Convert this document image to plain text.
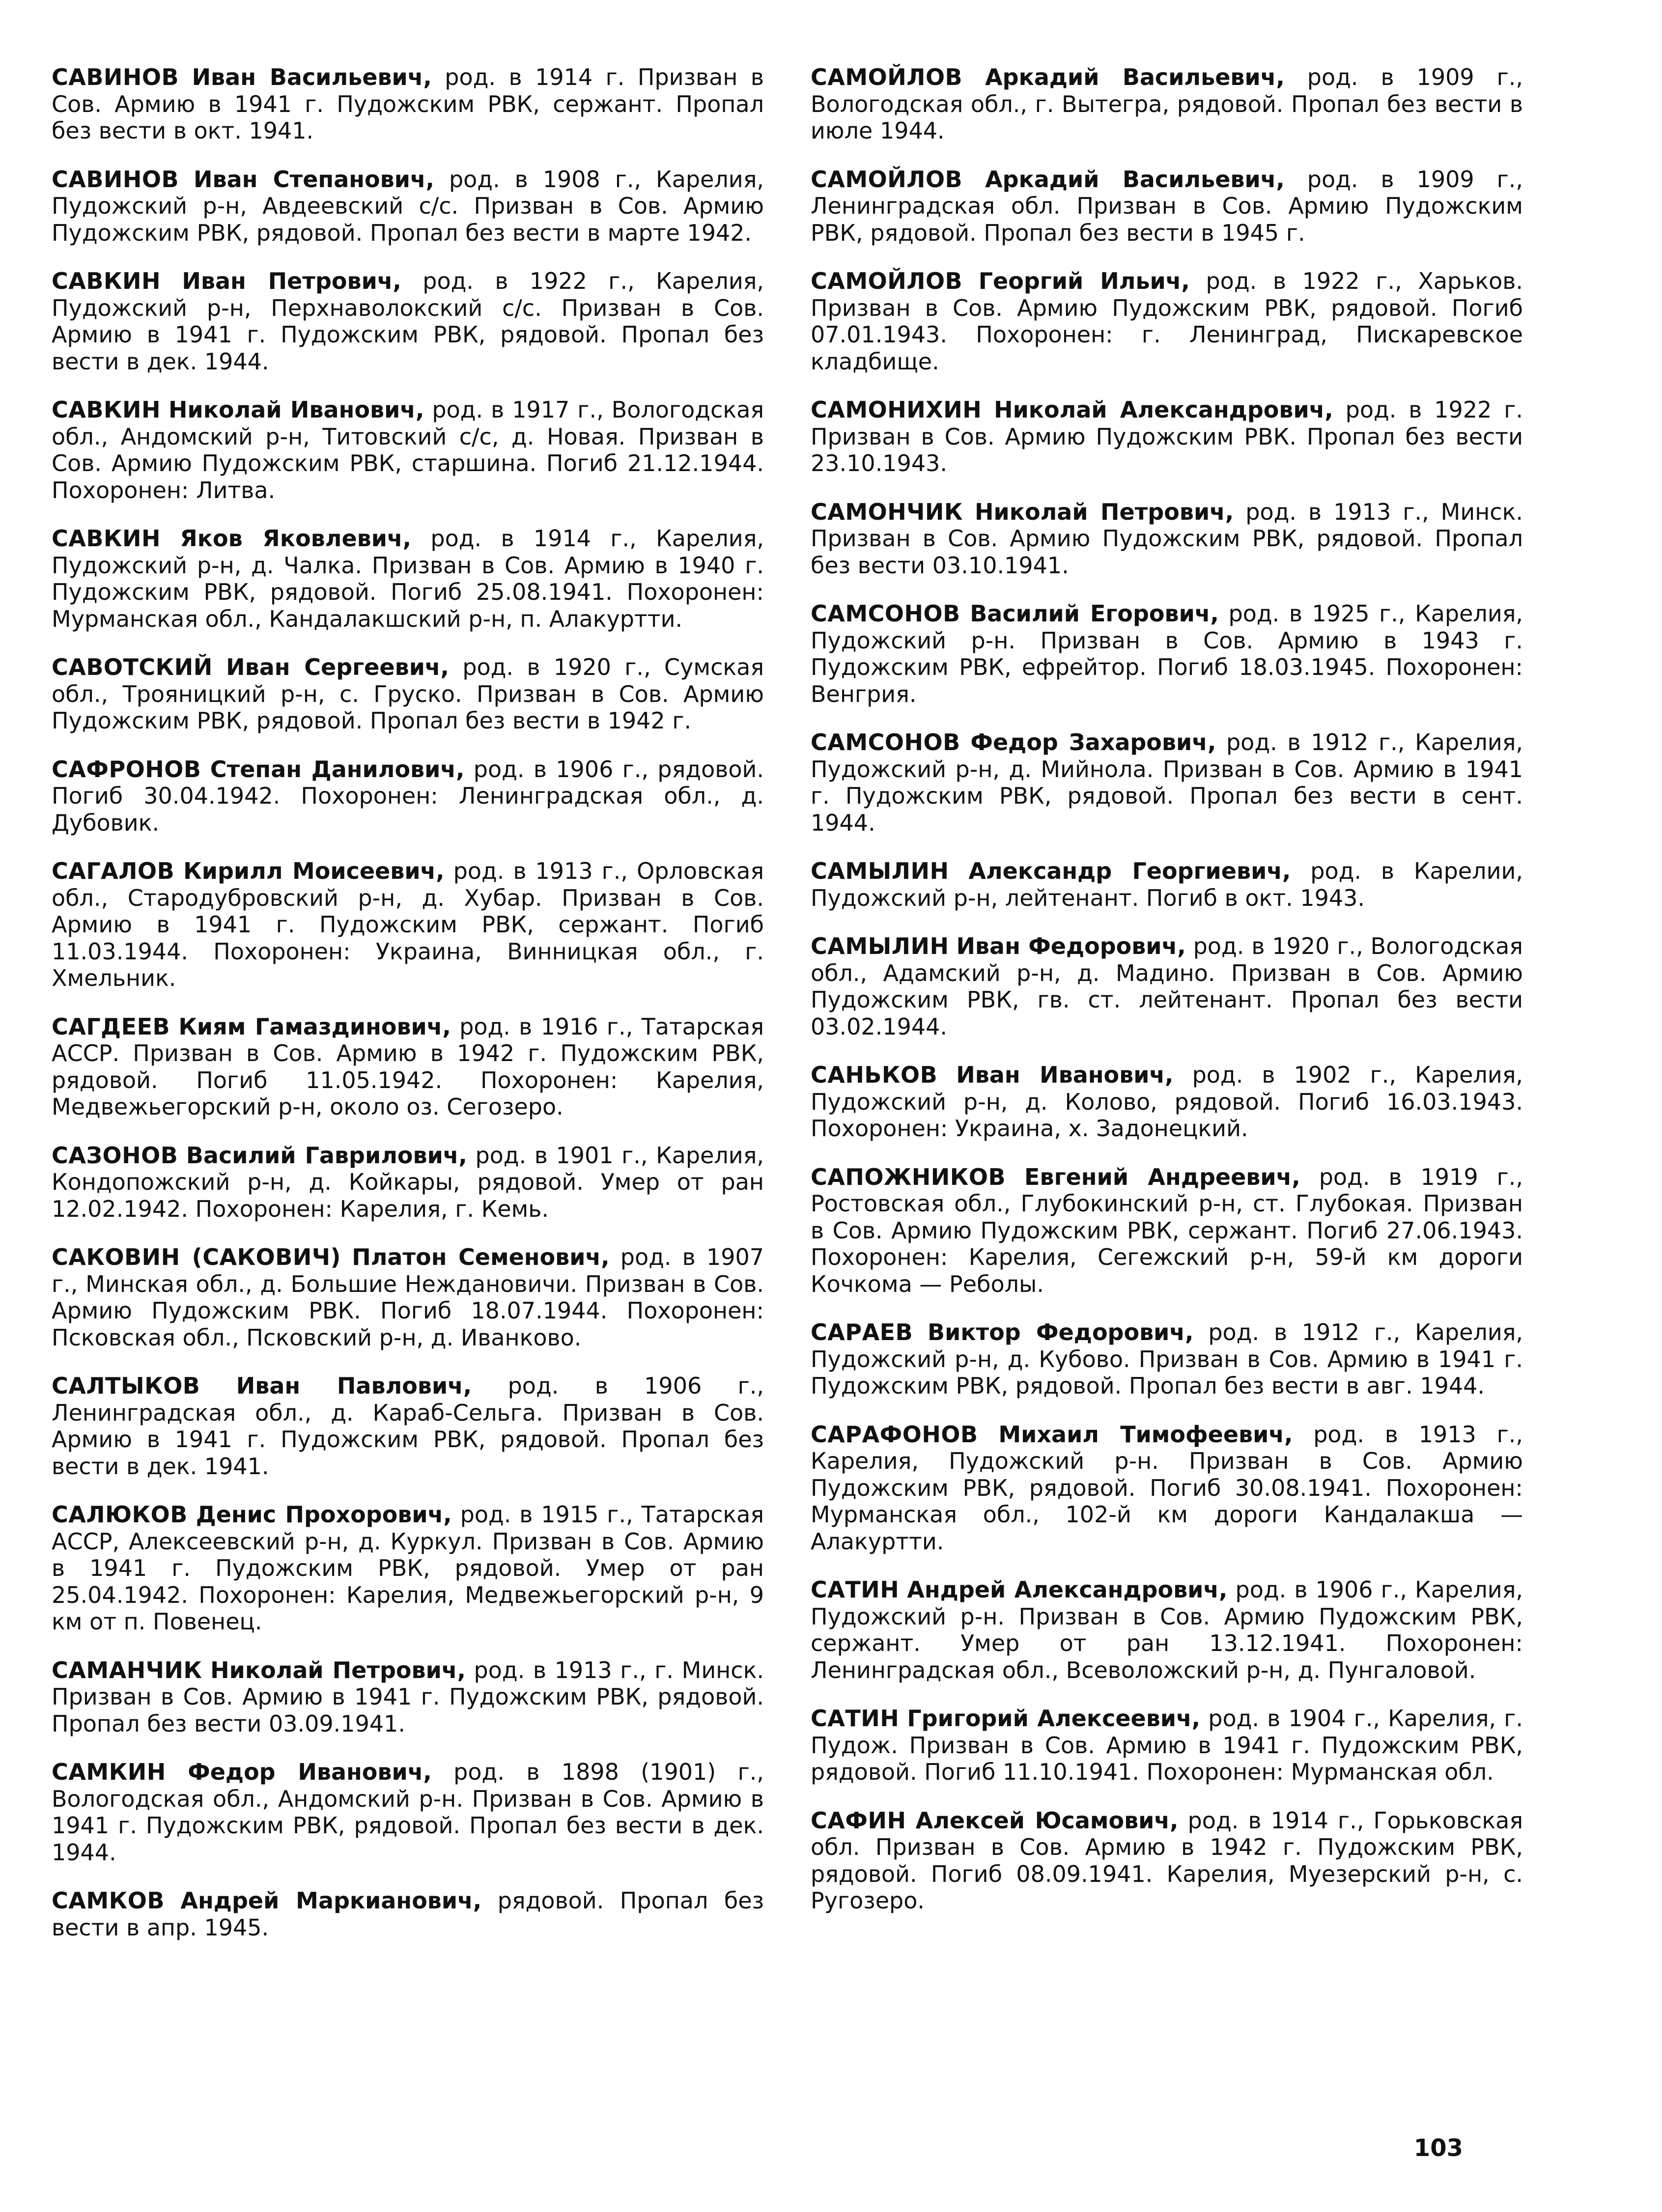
САВИНОВ Иван Васильевич, род. в 1914 г. Призван в Сов. Армию в 1941 г. Пудожским РВК, сержант. Пропал без вести в окт. 1941.

САВИНОВ Иван Степанович, род. в 1908 г., Карелия, Пудожский р-н, Авдеевский с/с. Призван в Сов. Армию Пудожским РВК, рядовой. Пропал без вести в марте 1942.

САВКИН Иван Петрович, род. в 1922 г., Карелия, Пудожский р-н, Перхнаволокский с/с. Призван в Сов. Армию в 1941 г. Пудожским РВК, рядовой. Пропал без вести в дек. 1944.

САВКИН Николай Иванович, род. в 1917 г., Вологодская обл., Андомский р-н, Титовский с/с, д. Новая. Призван в Сов. Армию Пудожским РВК, старшина. Погиб 21.12.1944. Похоронен: Литва.

САВКИН Яков Яковлевич, род. в 1914 г., Карелия, Пудожский р-н, д. Чалка. Призван в Сов. Армию в 1940 г. Пудожским РВК, рядовой. Погиб 25.08.1941. Похоронен: Мурманская обл., Кандалакшский р-н, п. Алакуртти.

САВОТСКИЙ Иван Сергеевич, род. в 1920 г., Сумская обл., Трояницкий р-н, с. Груско. Призван в Сов. Армию Пудожским РВК, рядовой. Пропал без вести в 1942 г.

САФРОНОВ Степан Данилович, род. в 1906 г., рядовой. Погиб 30.04.1942. Похоронен: Ленинградская обл., д. Дубовик.

САГАЛОВ Кирилл Моисеевич, род. в 1913 г., Орловская обл., Стародубровский р-н, д. Хубар. Призван в Сов. Армию в 1941 г. Пудожским РВК, сержант. Погиб 11.03.1944. Похоронен: Украина, Винницкая обл., г. Хмельник.

САГДЕЕВ Киям Гамаздинович, род. в 1916 г., Татарская АССР. Призван в Сов. Армию в 1942 г. Пудожским РВК, рядовой. Погиб 11.05.1942. Похоронен: Карелия, Медвежьегорский р-н, около оз. Сегозеро.

САЗОНОВ Василий Гаврилович, род. в 1901 г., Карелия, Кондопожский р-н, д. Койкары, рядовой. Умер от ран 12.02.1942. Похоронен: Карелия, г. Кемь.

САКОВИН (САКОВИЧ) Платон Семенович, род. в 1907 г., Минская обл., д. Большие Неждановичи. Призван в Сов. Армию Пудожским РВК. Погиб 18.07.1944. Похоронен: Псковская обл., Псковский р-н, д. Иванково.

САЛТЫКОВ Иван Павлович, род. в 1906 г., Ленинградская обл., д. Караб-Сельга. Призван в Сов. Армию в 1941 г. Пудожским РВК, рядовой. Пропал без вести в дек. 1941.

САЛЮКОВ Денис Прохорович, род. в 1915 г., Татарская АССР, Алексеевский р-н, д. Куркул. Призван в Сов. Армию в 1941 г. Пудожским РВК, рядовой. Умер от ран 25.04.1942. Похоронен: Карелия, Медвежьегорский р-н, 9 км от п. Повенец.

САМАНЧИК Николай Петрович, род. в 1913 г., г. Минск. Призван в Сов. Армию в 1941 г. Пудожским РВК, рядовой. Пропал без вести 03.09.1941.

САМКИН Федор Иванович, род. в 1898 (1901) г., Вологодская обл., Андомский р-н. Призван в Сов. Армию в 1941 г. Пудожским РВК, рядовой. Пропал без вести в дек. 1944.

САМКОВ Андрей Маркианович, рядовой. Пропал без вести в апр. 1945.

САМОЙЛОВ Аркадий Васильевич, род. в 1909 г., Вологодская обл., г. Вытегра, рядовой. Пропал без вести в июле 1944.

САМОЙЛОВ Аркадий Васильевич, род. в 1909 г., Ленинградская обл. Призван в Сов. Армию Пудожским РВК, рядовой. Пропал без вести в 1945 г.

САМОЙЛОВ Георгий Ильич, род. в 1922 г., Харьков. Призван в Сов. Армию Пудожским РВК, рядовой. Погиб 07.01.1943. Похоронен: г. Ленинград, Пискаревское кладбище.

САМОНИХИН Николай Александрович, род. в 1922 г. Призван в Сов. Армию Пудожским РВК. Пропал без вести 23.10.1943.

САМОНЧИК Николай Петрович, род. в 1913 г., Минск. Призван в Сов. Армию Пудожским РВК, рядовой. Пропал без вести 03.10.1941.

САМСОНОВ Василий Егорович, род. в 1925 г., Карелия, Пудожский р-н. Призван в Сов. Армию в 1943 г. Пудожским РВК, ефрейтор. Погиб 18.03.1945. Похоронен: Венгрия.

САМСОНОВ Федор Захарович, род. в 1912 г., Карелия, Пудожский р-н, д. Мийнола. Призван в Сов. Армию в 1941 г. Пудожским РВК, рядовой. Пропал без вести в сент. 1944.

САМЫЛИН Александр Георгиевич, род. в Карелии, Пудожский р-н, лейтенант. Погиб в окт. 1943.

САМЫЛИН Иван Федорович, род. в 1920 г., Вологодская обл., Адамский р-н, д. Мадино. Призван в Сов. Армию Пудожским РВК, гв. ст. лейтенант. Пропал без вести 03.02.1944.

САНЬКОВ Иван Иванович, род. в 1902 г., Карелия, Пудожский р-н, д. Колово, рядовой. Погиб 16.03.1943. Похоронен: Украина, х. Задонецкий.

САПОЖНИКОВ Евгений Андреевич, род. в 1919 г., Ростовская обл., Глубокинский р-н, ст. Глубокая. Призван в Сов. Армию Пудожским РВК, сержант. Погиб 27.06.1943. Похоронен: Карелия, Сегежский р-н, 59-й км дороги Кочкома — Реболы.

САРАЕВ Виктор Федорович, род. в 1912 г., Карелия, Пудожский р-н, д. Кубово. Призван в Сов. Армию в 1941 г. Пудожским РВК, рядовой. Пропал без вести в авг. 1944.

САРАФОНОВ Михаил Тимофеевич, род. в 1913 г., Карелия, Пудожский р-н. Призван в Сов. Армию Пудожским РВК, рядовой. Погиб 30.08.1941. Похоронен: Мурманская обл., 102-й км дороги Кандалакша — Алакуртти.

САТИН Андрей Александрович, род. в 1906 г., Карелия, Пудожский р-н. Призван в Сов. Армию Пудожским РВК, сержант. Умер от ран 13.12.1941. Похоронен: Ленинградская обл., Всеволожский р-н, д. Пунгаловой.

САТИН Григорий Алексеевич, род. в 1904 г., Карелия, г. Пудож. Призван в Сов. Армию в 1941 г. Пудожским РВК, рядовой. Погиб 11.10.1941. Похоронен: Мурманская обл.

САФИН Алексей Юсамович, род. в 1914 г., Горьковская обл. Призван в Сов. Армию в 1942 г. Пудожским РВК, рядовой. Погиб 08.09.1941. Карелия, Муезерский р-н, с. Ругозеро.

103
